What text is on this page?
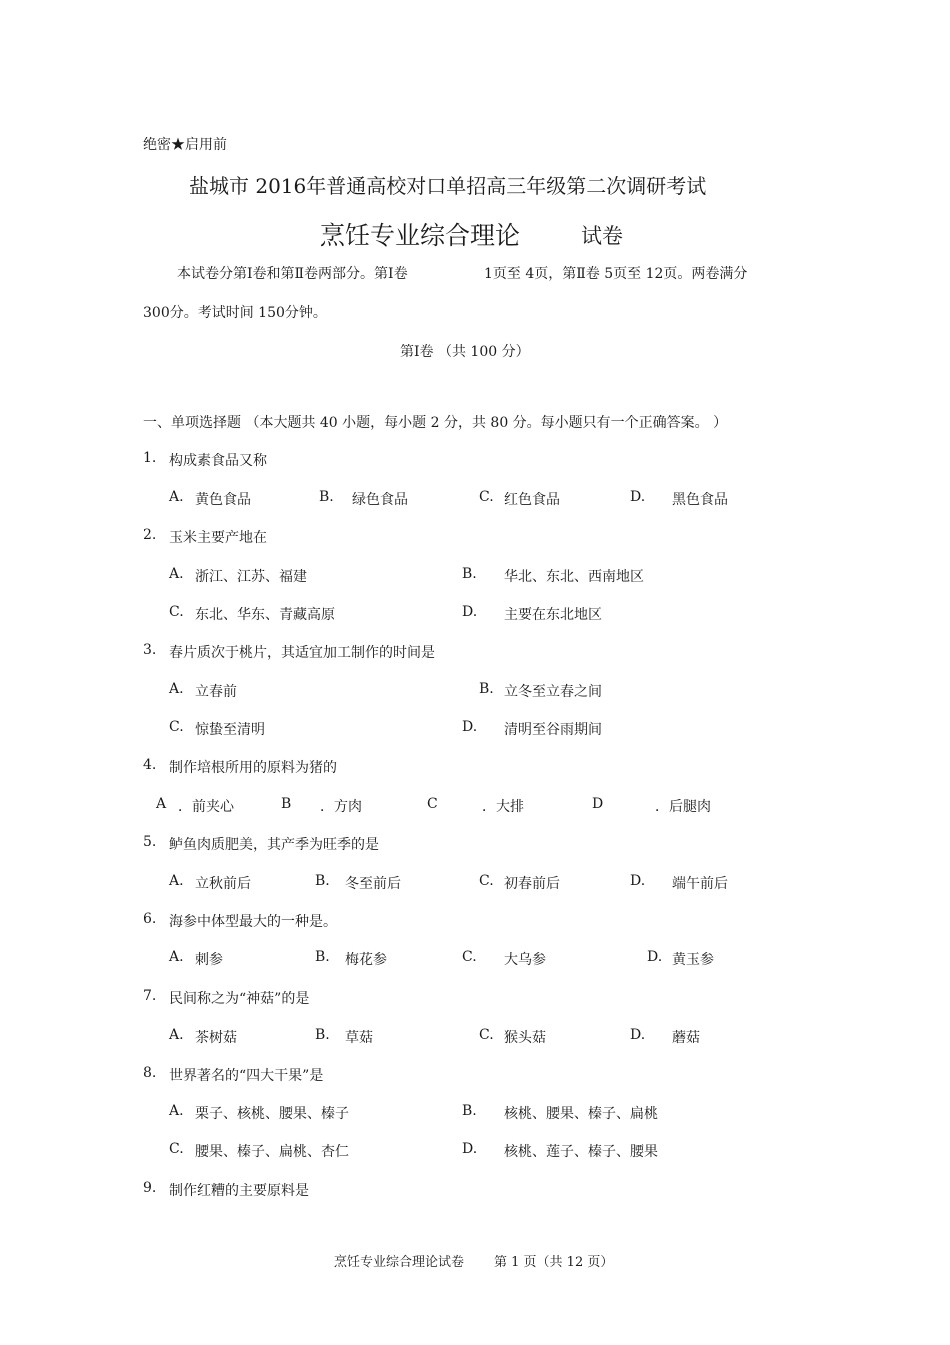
绝密★启用前
盐城市 2016年普通高校对口单招高三年级第二次调研考试
烹饪专业综合理论	试卷
本试卷分第Ⅰ卷和第Ⅱ卷两部分。第Ⅰ卷	1页至 4页，第Ⅱ卷 5页至 12页。两卷满分
300分。考试时间 150分钟。
第Ⅰ卷 （共 100 分）
一、单项选择题 （本大题共 40 小题，每小题 2 分，共 80 分。每小题只有一个正确答案。 ）
1. 构成素食品又称
A. 黄色食品	B. 绿色食品	C. 红色食品	D. 黑色食品
2. 玉米主要产地在
A. 浙江、江苏、福建	B. 华北、东北、西南地区
C. 东北、华东、青藏高原	D. 主要在东北地区
3. 春片质次于桃片，其适宜加工制作的时间是
A. 立春前	B. 立冬至立春之间
C. 惊蛰至清明	D. 清明至谷雨期间
4. 制作培根所用的原料为猪的
A ．前夹心	B ．方肉	C	．大排	D	．后腿肉
5. 鲈鱼肉质肥美，其产季为旺季的是
A. 立秋前后	B. 冬至前后	C. 初春前后	D. 端午前后
6. 海参中体型最大的一种是。
A. 刺参	B. 梅花参	C. 大乌参	D. 黄玉参
7. 民间称之为“神菇”的是
A. 茶树菇	B. 草菇	C. 猴头菇	D. 蘑菇
8. 世界著名的“四大干果”是
A. 栗子、核桃、腰果、榛子	B. 核桃、腰果、榛子、扁桃
C. 腰果、榛子、扁桃、杏仁	D. 核桃、莲子、榛子、腰果
9. 制作红糟的主要原料是
烹饪专业综合理论试卷 第 1 页（共 12 页）
